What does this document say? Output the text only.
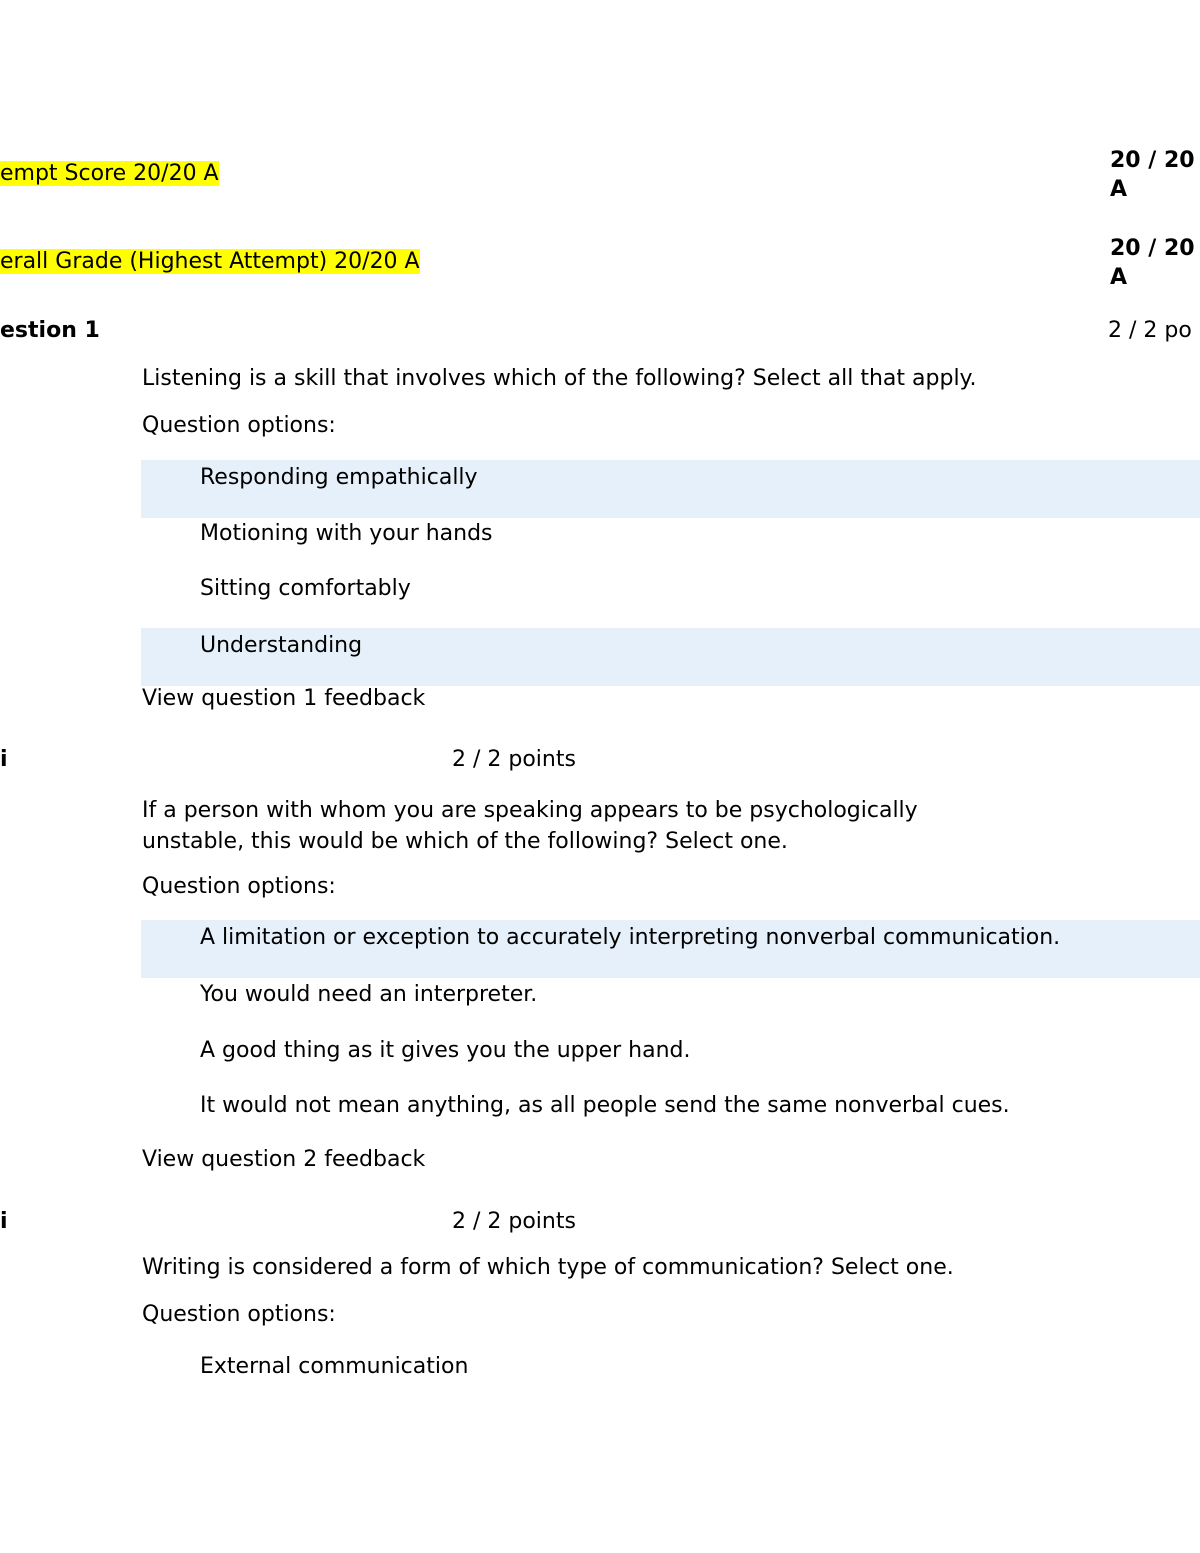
empt Score 20/20 A
20 / 20
A
erall Grade (Highest Attempt) 20/20 A
20 / 20
A
estion 1	2 / 2 po
Listening is a skill that involves which of the following? Select all that apply.
Question options:
Responding empathically
Motioning with your hands
Sitting comfortably
Understanding
View question 1 feedback
i	2 / 2 points
If a person with whom you are speaking appears to be psychologically unstable, this would be which of the following? Select one.
Question options:
A limitation or exception to accurately interpreting nonverbal communication.
You would need an interpreter.
A good thing as it gives you the upper hand.
It would not mean anything, as all people send the same nonverbal cues.
View question 2 feedback
i	2 / 2 points
Writing is considered a form of which type of communication? Select one.
Question options:
External communication
